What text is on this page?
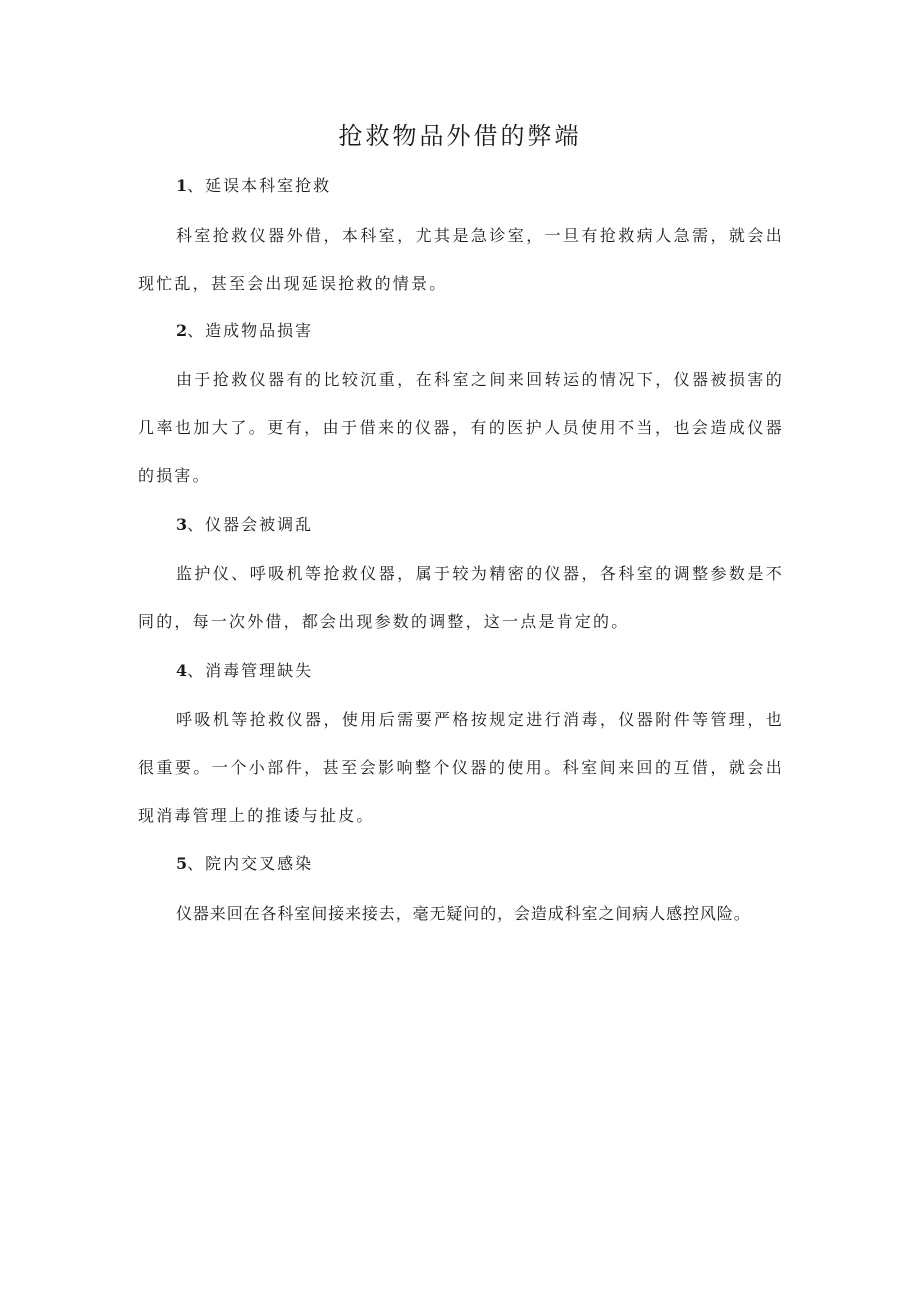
抢救物品外借的弊端
1、延误本科室抢救

科室抢救仪器外借，本科室，尤其是急诊室，一旦有抢救病人急需，就会出现忙乱，甚至会出现延误抢救的情景。

2、造成物品损害

由于抢救仪器有的比较沉重，在科室之间来回转运的情况下，仪器被损害的几率也加大了。更有，由于借来的仪器，有的医护人员使用不当，也会造成仪器的损害。

3、仪器会被调乱

监护仪、呼吸机等抢救仪器，属于较为精密的仪器，各科室的调整参数是不同的，每一次外借，都会出现参数的调整，这一点是肯定的。

4、消毒管理缺失

呼吸机等抢救仪器，使用后需要严格按规定进行消毒，仪器附件等管理，也很重要。一个小部件，甚至会影响整个仪器的使用。科室间来回的互借，就会出现消毒管理上的推诿与扯皮。

5、院内交叉感染

仪器来回在各科室间接来接去，毫无疑问的，会造成科室之间病人感控风险。
